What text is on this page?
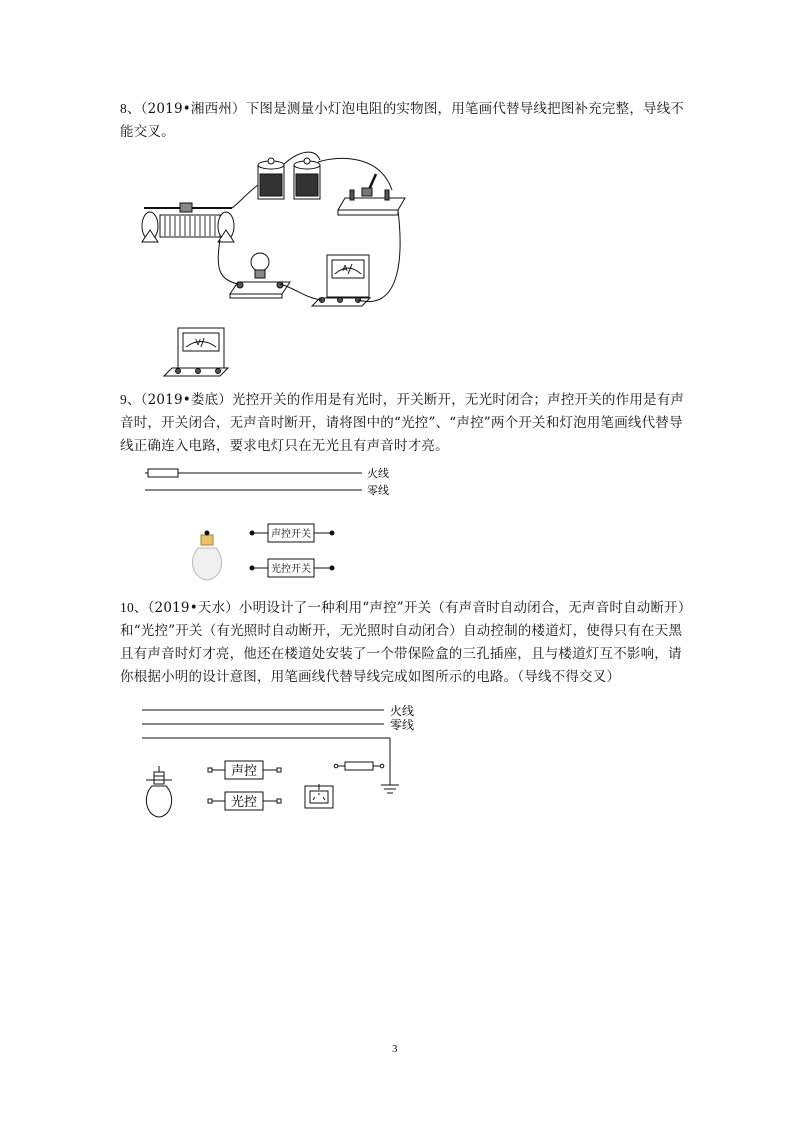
8、（2019•湘西州）下图是测量小灯泡电阻的实物图，用笔画代替导线把图补充完整，导线不能交叉。
A
V
9、（2019•娄底）光控开关的作用是有光时，开关断开，无光时闭合；声控开关的作用是有声音时，开关闭合，无声音时断开，请将图中的“光控”、“声控”两个开关和灯泡用笔画线代替导线正确连入电路，要求电灯只在无光且有声音时才亮。
火线
零线
声控开关
光控开关
10、（2019•天水）小明设计了一种利用“声控”开关（有声音时自动闭合，无声音时自动断开）和“光控”开关（有光照时自动断开，无光照时自动闭合）自动控制的楼道灯，使得只有在天黑且有声音时灯才亮，他还在楼道处安装了一个带保险盒的三孔插座，且与楼道灯互不影响，请你根据小明的设计意图，用笔画线代替导线完成如图所示的电路。（导线不得交叉）
火线
零线
声控
光控
3
